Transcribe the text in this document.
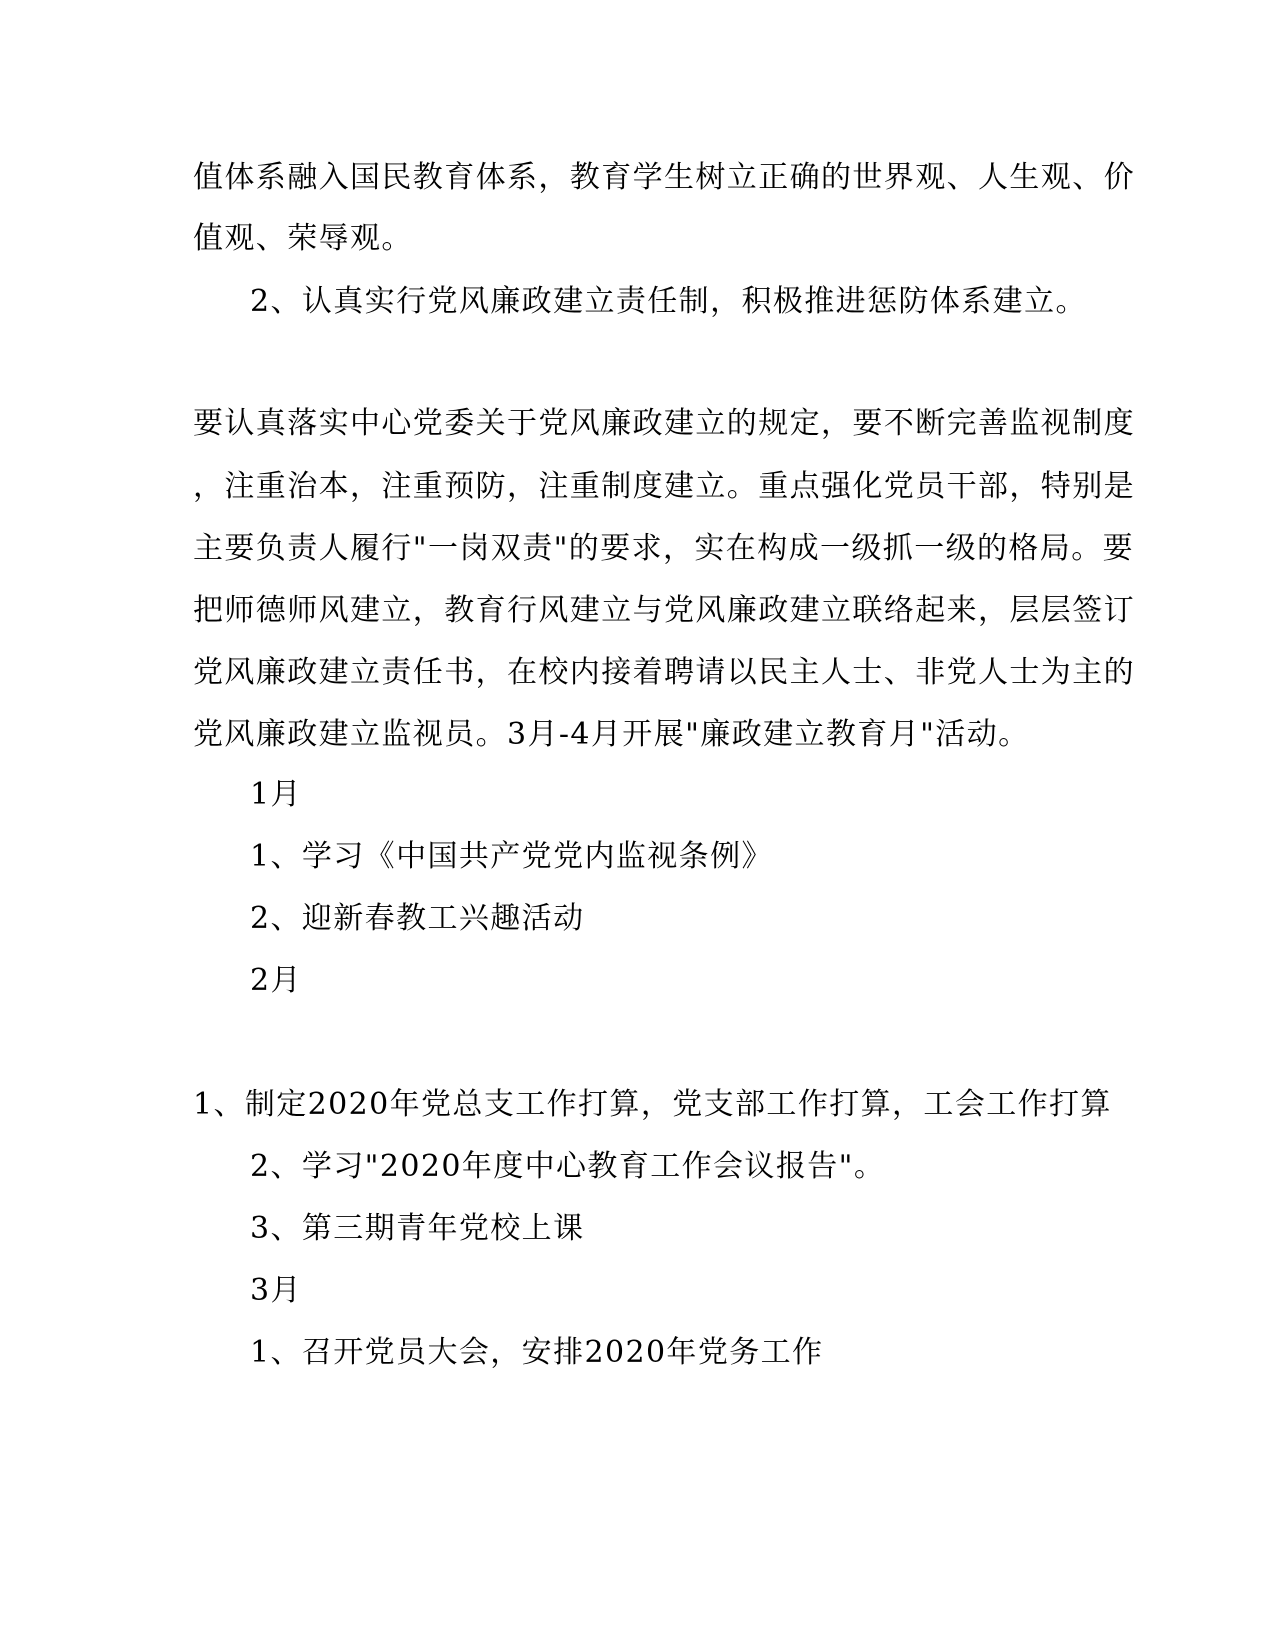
值体系融入国民教育体系，教育学生树立正确的世界观、人生观、价
值观、荣辱观。
2、认真实行党风廉政建立责任制，积极推进惩防体系建立。
要认真落实中心党委关于党风廉政建立的规定，要不断完善监视制度
，注重治本，注重预防，注重制度建立。重点强化党员干部，特别是
主要负责人履行"一岗双责"的要求，实在构成一级抓一级的格局。要
把师德师风建立，教育行风建立与党风廉政建立联络起来，层层签订
党风廉政建立责任书，在校内接着聘请以民主人士、非党人士为主的
党风廉政建立监视员。3月-4月开展"廉政建立教育月"活动。
1月
1、学习《中国共产党党内监视条例》
2、迎新春教工兴趣活动
2月
1、制定2020年党总支工作打算，党支部工作打算，工会工作打算
2、学习"2020年度中心教育工作会议报告"。
3、第三期青年党校上课
3月
1、召开党员大会，安排2020年党务工作
